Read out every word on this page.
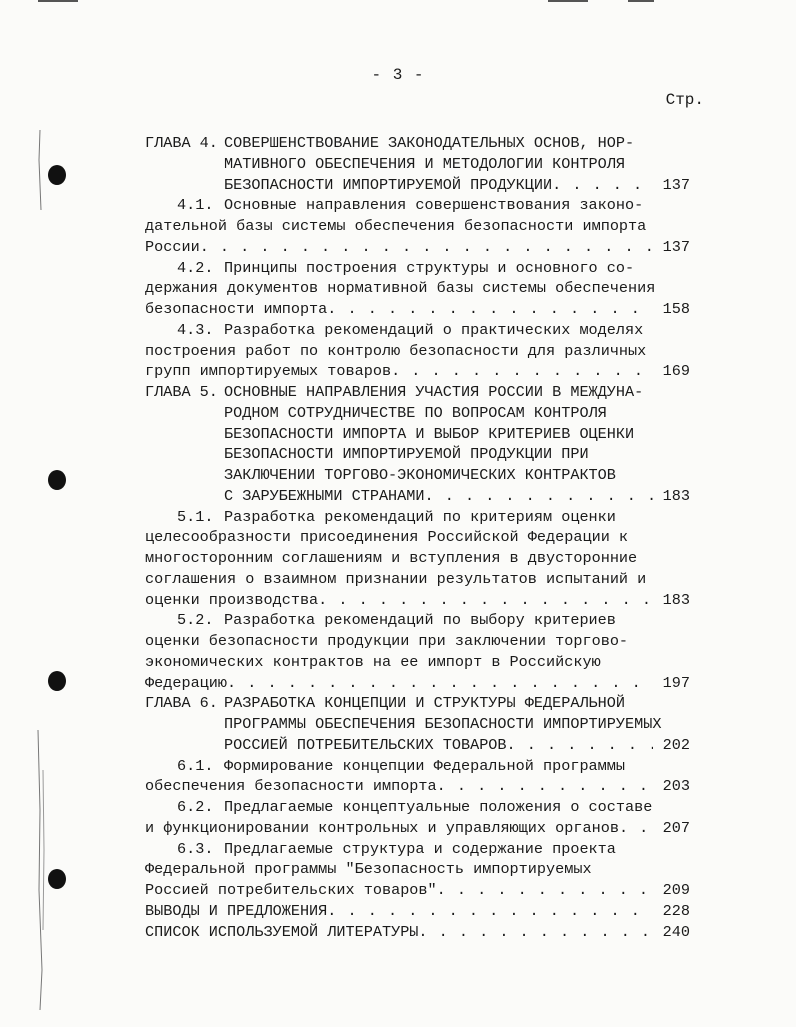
- 3 -
Стр.
ГЛАВА 4. СОВЕРШЕНСТВОВАНИЕ ЗАКОНОДАТЕЛЬНЫХ ОСНОВ, НОР-
МАТИВНОГО ОБЕСПЕЧЕНИЯ И МЕТОДОЛОГИИ КОНТРОЛЯ
БЕЗОПАСНОСТИ ИМПОРТИРУЕМОЙ ПРОДУКЦИИ . . .	137
4.1. Основные направления совершенствования законо-
дательной базы системы обеспечения безопасности импорта
России . . .	137
4.2. Принципы построения структуры и основного со-
держания документов нормативной базы системы обеспечения
безопасности импорта . . .	158
4.3. Разработка рекомендаций о практических моделях
построения работ по контролю безопасности для различных
групп импортируемых товаров . . .	169
ГЛАВА 5. ОСНОВНЫЕ НАПРАВЛЕНИЯ УЧАСТИЯ РОССИИ В МЕЖДУНА-
РОДНОМ СОТРУДНИЧЕСТВЕ ПО ВОПРОСАМ КОНТРОЛЯ
БЕЗОПАСНОСТИ ИМПОРТА И ВЫБОР КРИТЕРИЕВ ОЦЕНКИ
БЕЗОПАСНОСТИ ИМПОРТИРУЕМОЙ ПРОДУКЦИИ ПРИ
ЗАКЛЮЧЕНИИ ТОРГОВО-ЭКОНОМИЧЕСКИХ КОНТРАКТОВ
С ЗАРУБЕЖНЫМИ СТРАНАМИ . . .	183
5.1. Разработка рекомендаций по критериям оценки
целесообразности присоединения Российской Федерации к
многосторонним соглашениям и вступления в двусторонние
соглашения о взаимном признании результатов испытаний и
оценки производства . . .	183
5.2. Разработка рекомендаций по выбору критериев
оценки безопасности продукции при заключении торгово-
экономических контрактов на ее импорт в Российскую
Федерацию . . .	197
ГЛАВА 6. РАЗРАБОТКА КОНЦЕПЦИИ И СТРУКТУРЫ ФЕДЕРАЛЬНОЙ
ПРОГРАММЫ ОБЕСПЕЧЕНИЯ БЕЗОПАСНОСТИ ИМПОРТИРУЕМЫХ
РОССИЕЙ ПОТРЕБИТЕЛЬСКИХ ТОВАРОВ . . .	202
6.1. Формирование концепции Федеральной программы
обеспечения безопасности импорта . . .	203
6.2. Предлагаемые концептуальные положения о составе
и функционировании контрольных и управляющих органов . . .	207
6.3. Предлагаемые структура и содержание проекта
Федеральной программы "Безопасность импортируемых
Россией потребительских товаров" . . .	209
ВЫВОДЫ И ПРЕДЛОЖЕНИЯ . . .	228
СПИСОК ИСПОЛЬЗУЕМОЙ ЛИТЕРАТУРЫ . . .	240
